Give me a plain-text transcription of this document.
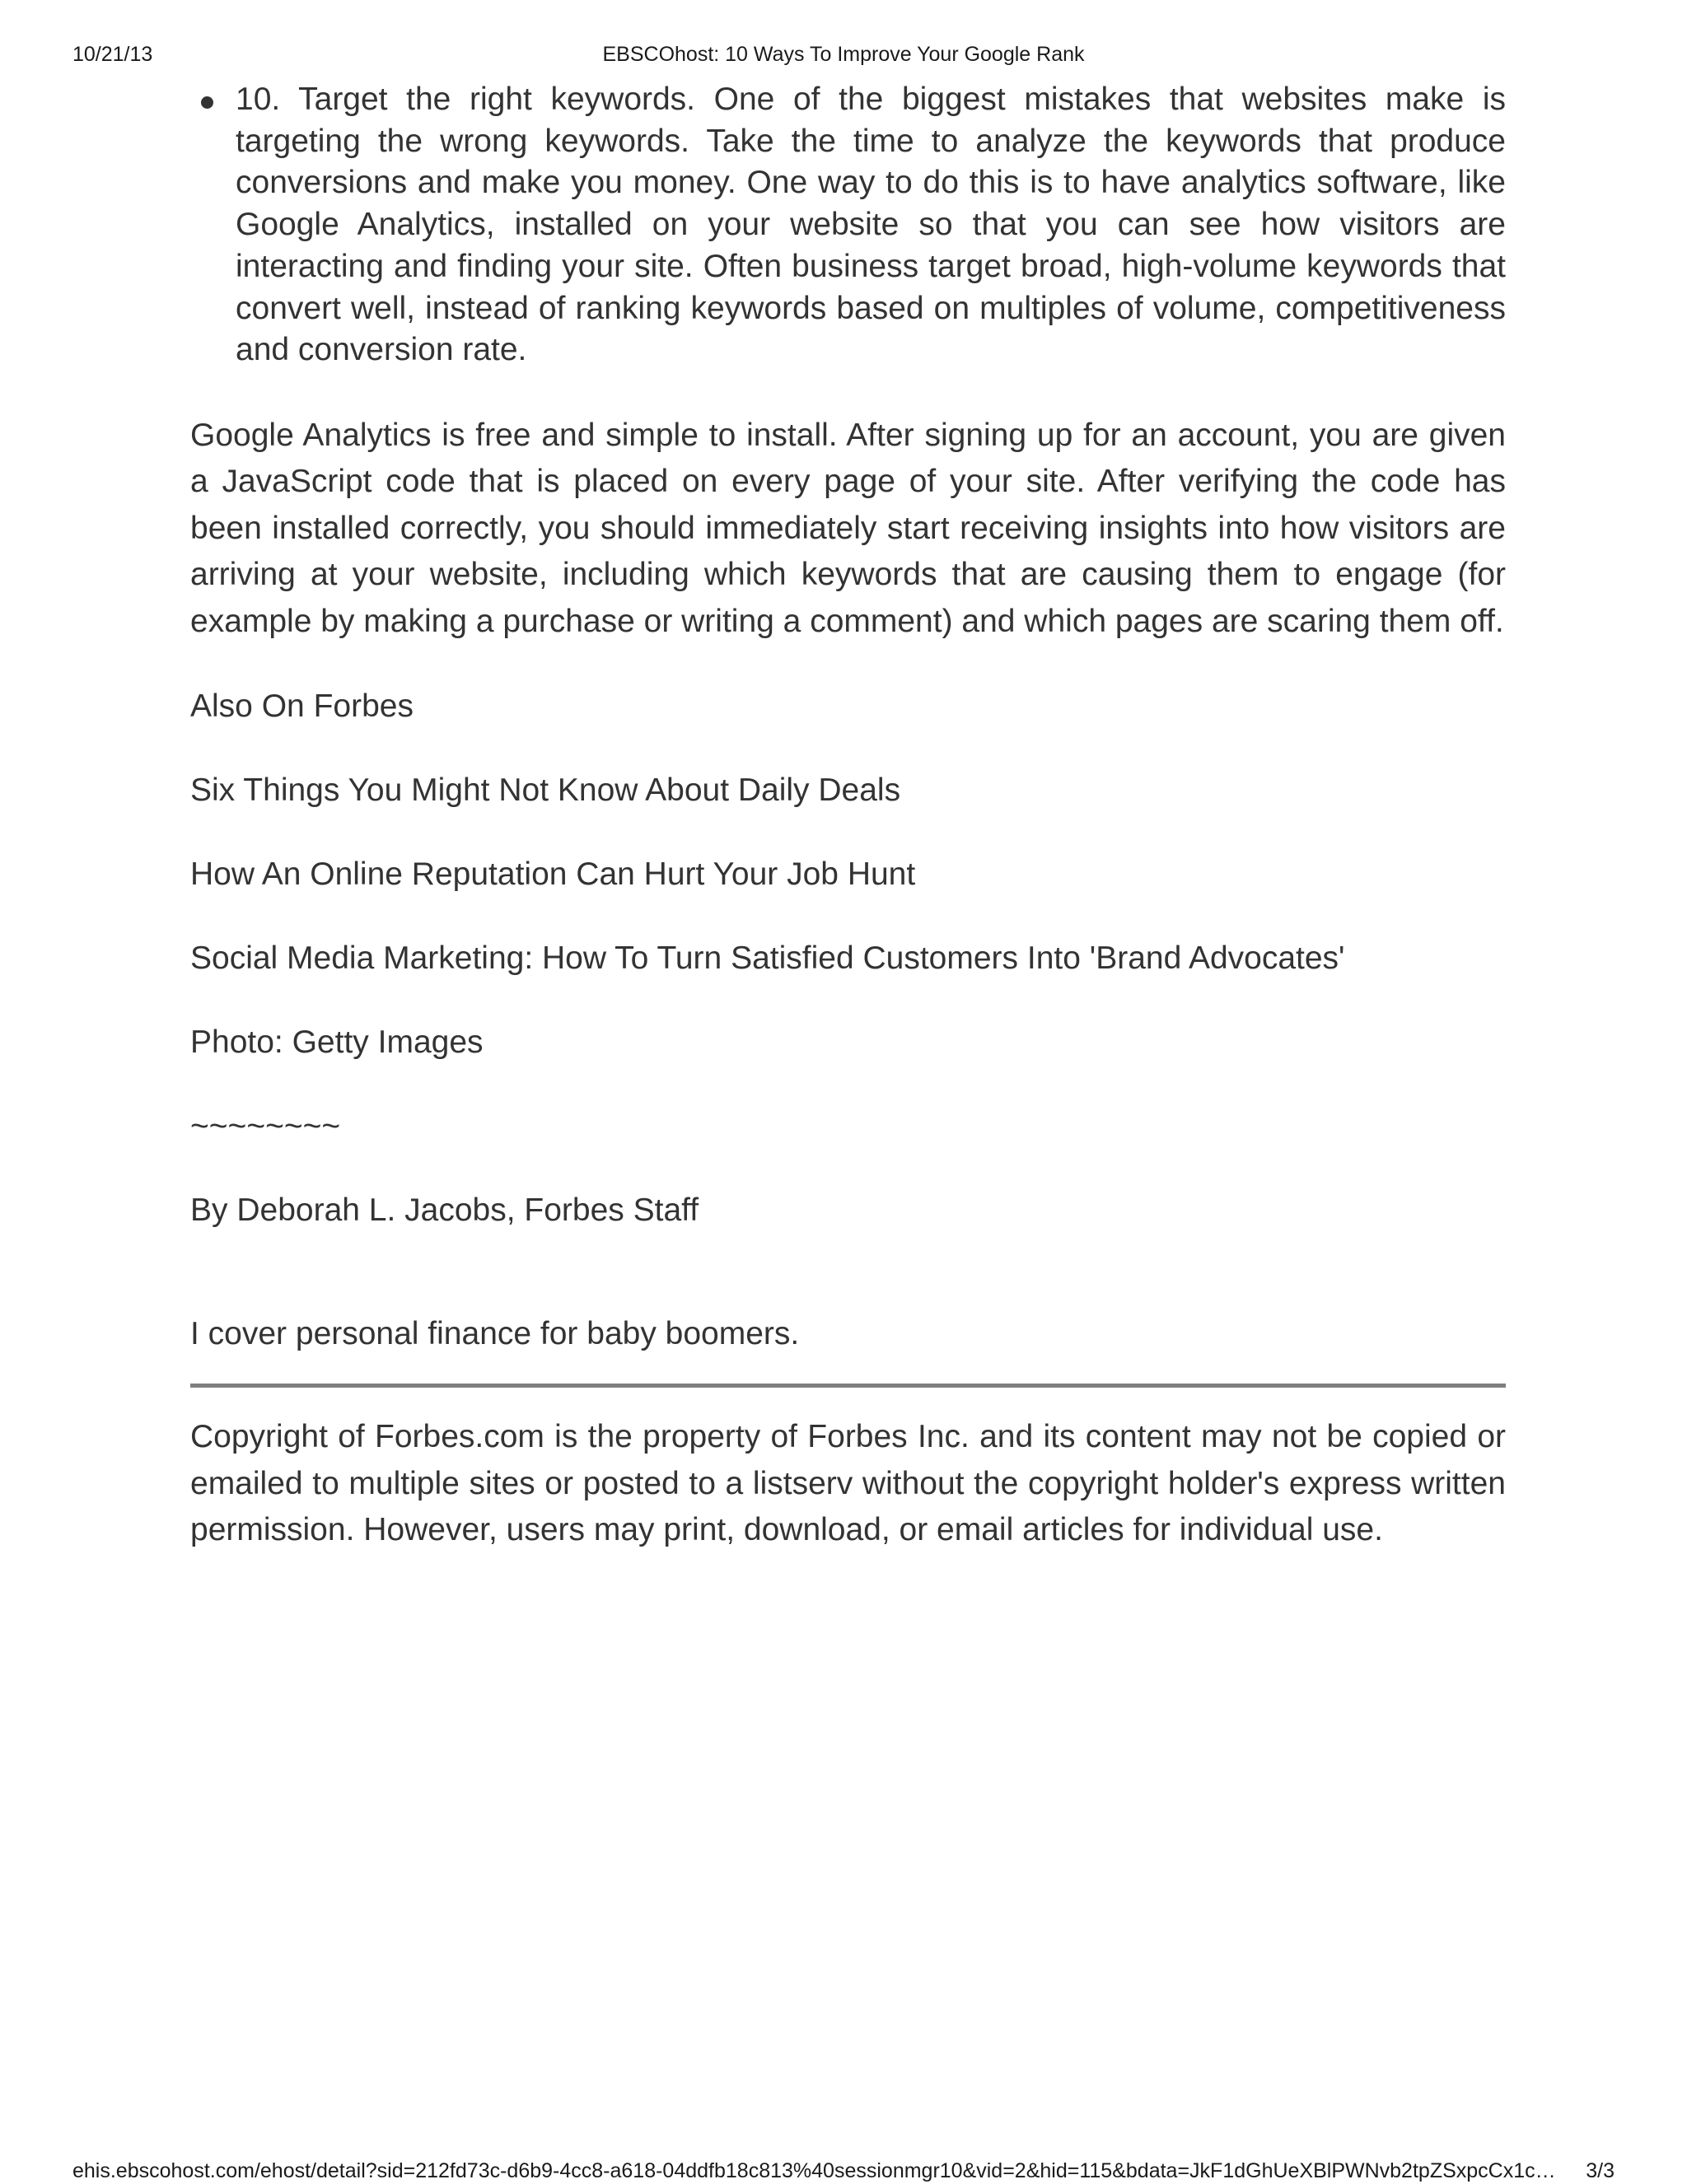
10/21/13	EBSCOhost: 10 Ways To Improve Your Google Rank
10. Target the right keywords. One of the biggest mistakes that websites make is targeting the wrong keywords. Take the time to analyze the keywords that produce conversions and make you money. One way to do this is to have analytics software, like Google Analytics, installed on your website so that you can see how visitors are interacting and finding your site. Often business target broad, high-volume keywords that convert well, instead of ranking keywords based on multiples of volume, competitiveness and conversion rate.

Google Analytics is free and simple to install. After signing up for an account, you are given a JavaScript code that is placed on every page of your site. After verifying the code has been installed correctly, you should immediately start receiving insights into how visitors are arriving at your website, including which keywords that are causing them to engage (for example by making a purchase or writing a comment) and which pages are scaring them off.

Also On Forbes

Six Things You Might Not Know About Daily Deals

How An Online Reputation Can Hurt Your Job Hunt

Social Media Marketing: How To Turn Satisfied Customers Into 'Brand Advocates'

Photo: Getty Images

~~~~~~~~

By Deborah L. Jacobs, Forbes Staff

I cover personal finance for baby boomers.

Copyright of Forbes.com is the property of Forbes Inc. and its content may not be copied or emailed to multiple sites or posted to a listserv without the copyright holder's express written permission. However, users may print, download, or email articles for individual use.

ehis.ebscohost.com/ehost/detail?sid=212fd73c-d6b9-4cc8-a618-04ddfb18c813%40sessionmgr10&vid=2&hid=115&bdata=JkF1dGhUeXBlPWNvb2tpZSxpcCx1c…	3/3
